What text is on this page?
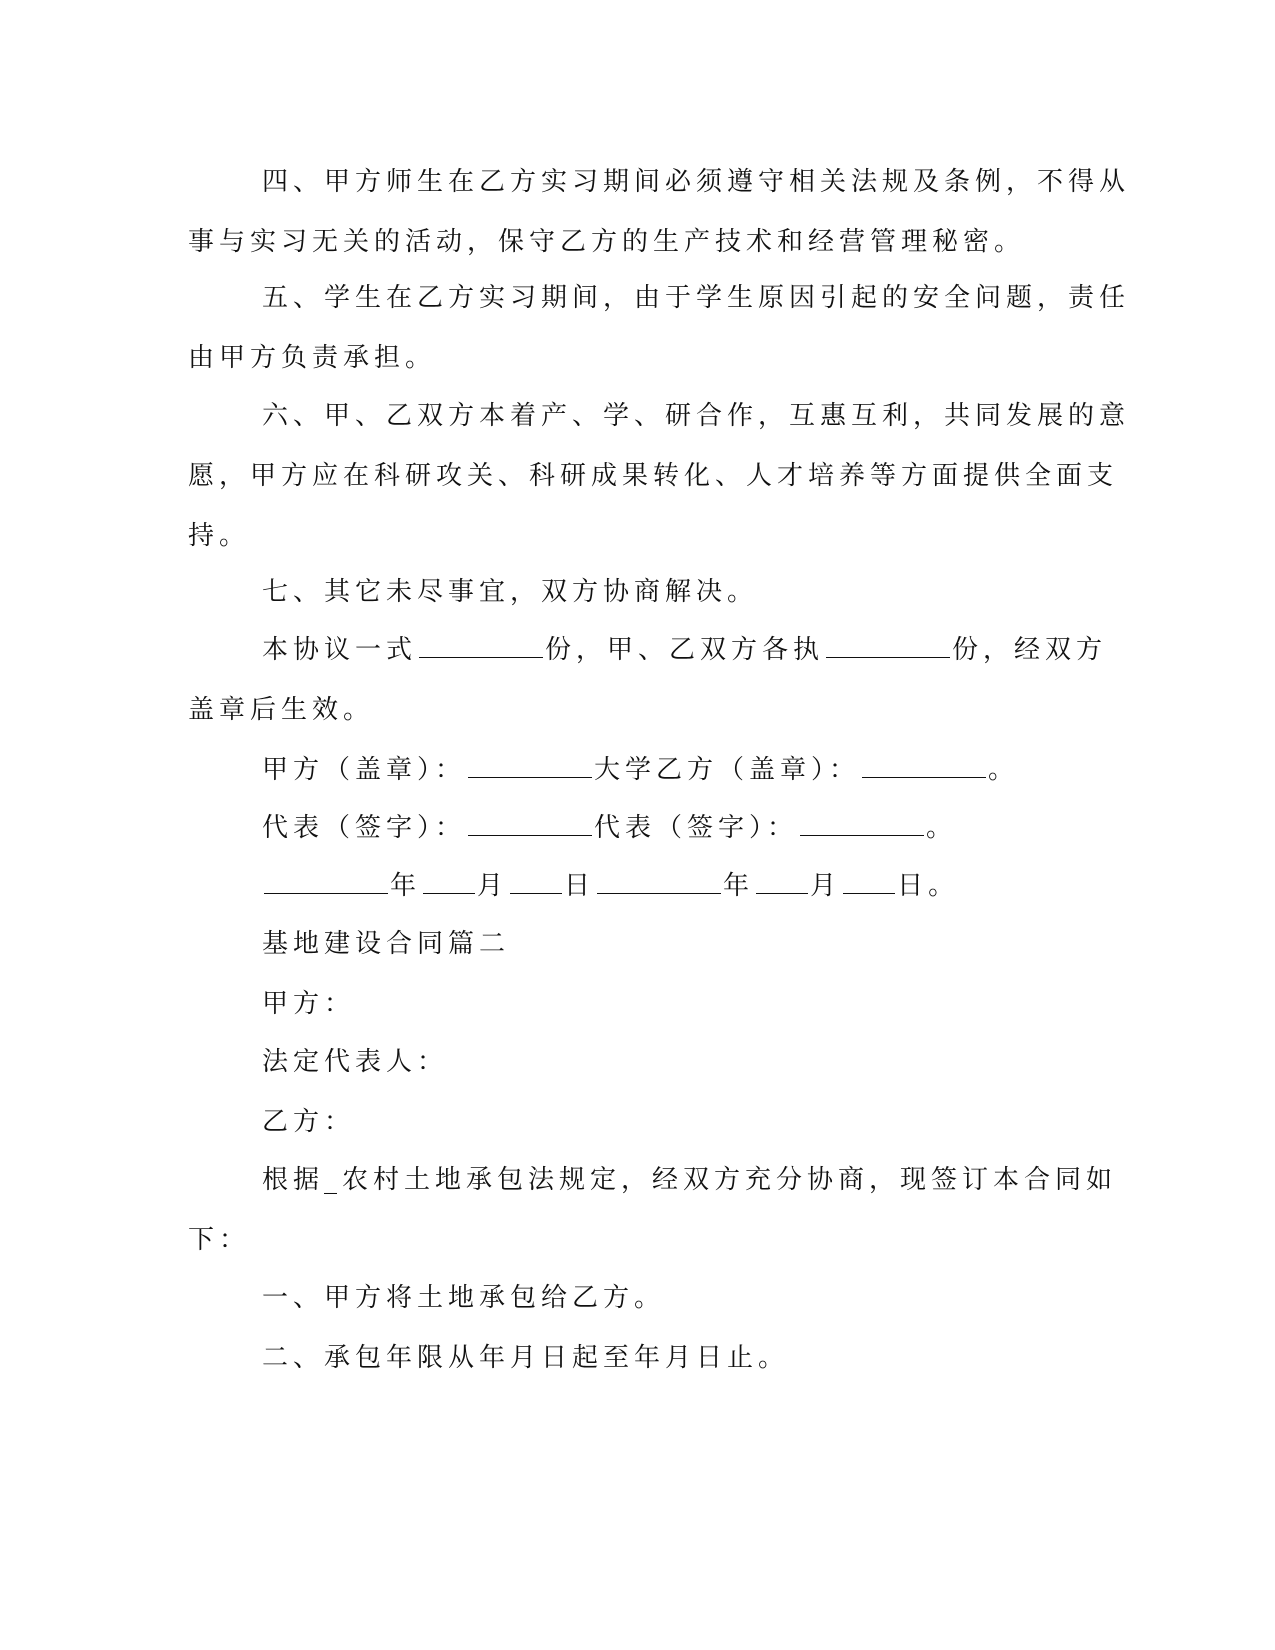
四、甲方师生在乙方实习期间必须遵守相关法规及条例，不得从
事与实习无关的活动，保守乙方的生产技术和经营管理秘密。
五、学生在乙方实习期间，由于学生原因引起的安全问题，责任
由甲方负责承担。
六、甲、乙双方本着产、学、研合作，互惠互利，共同发展的意
愿，甲方应在科研攻关、科研成果转化、人才培养等方面提供全面支
持。

七、其它未尽事宜，双方协商解决。

本协议一式	份，甲、乙双方各执	份，经双方
盖章后生效。

甲方（盖章）：	大学乙方（盖章）：	。

代表（签字）：	代表（签字）：	。

年 月 日	年 月 日。

基地建设合同篇二

甲方：

法定代表人：

乙方：

根据_农村土地承包法规定，经双方充分协商，现签订本合同如
下：

一、甲方将土地承包给乙方。

二、承包年限从年月日起至年月日止。
